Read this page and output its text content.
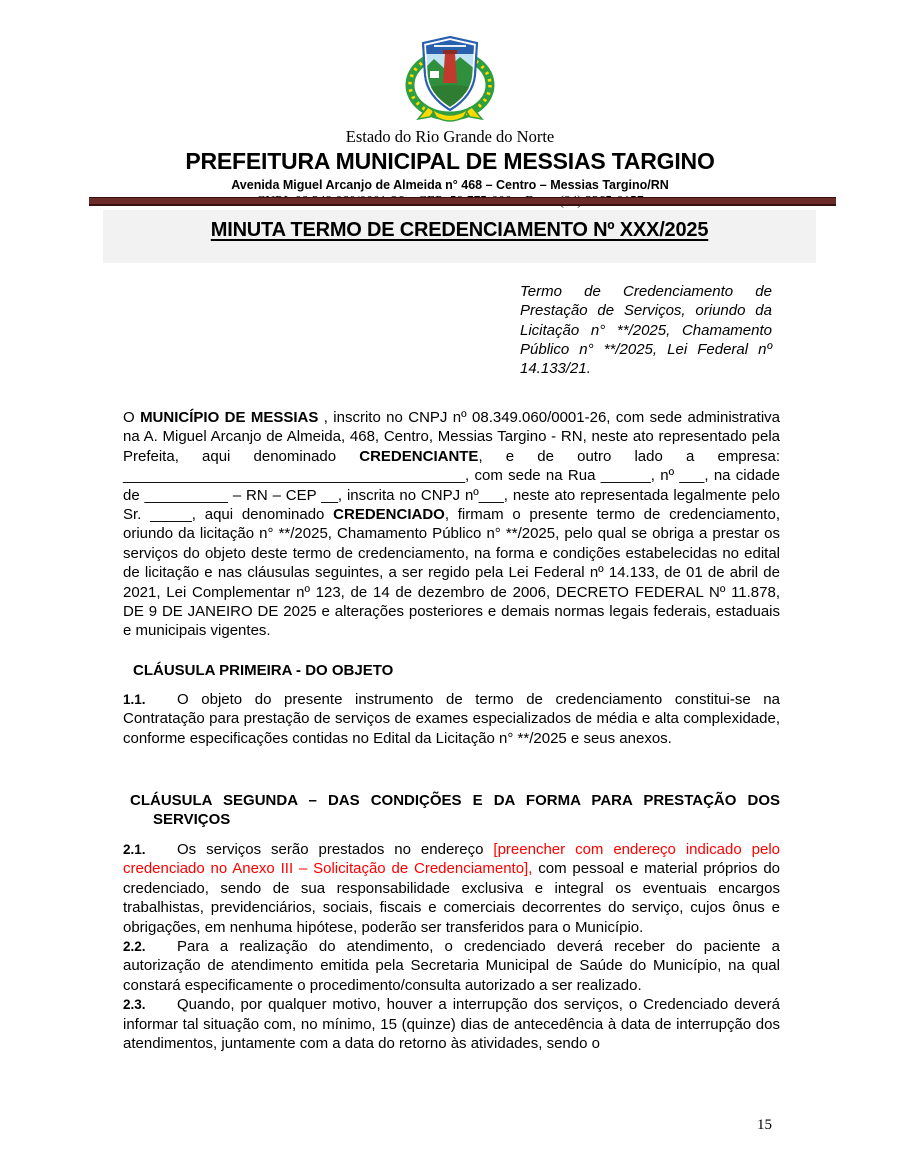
Estado do Rio Grande do Norte
PREFEITURA MUNICIPAL DE MESSIAS TARGINO
Avenida Miguel Arcanjo de Almeida n° 468 – Centro – Messias Targino/RN
MINUTA TERMO DE CREDENCIAMENTO Nº XXX/2025

Termo de Credenciamento de Prestação de Serviços, oriundo da Licitação n° **/2025, Chamamento Público n° **/2025, Lei Federal nº 14.133/21.

O MUNICÍPIO DE MESSIAS , inscrito no CNPJ nº 08.349.060/0001-26, com sede administrativa na A. Miguel Arcanjo de Almeida, 468, Centro, Messias Targino - RN, neste ato representado pela Prefeita, aqui denominado CREDENCIANTE, e de outro lado a empresa: _________________________________________, com sede na Rua ______, nº ___, na cidade de __________ – RN – CEP __, inscrita no CNPJ nº___, neste ato representada legalmente pelo Sr. _____, aqui denominado CREDENCIADO, firmam o presente termo de credenciamento, oriundo da licitação n° **/2025, Chamamento Público n° **/2025, pelo qual se obriga a prestar os serviços do objeto deste termo de credenciamento, na forma e condições estabelecidas no edital de licitação e nas cláusulas seguintes, a ser regido pela Lei Federal nº 14.133, de 01 de abril de 2021, Lei Complementar nº 123, de 14 de dezembro de 2006, DECRETO FEDERAL Nº 11.878, DE 9 DE JANEIRO DE 2025 e alterações posteriores e demais normas legais federais, estaduais e municipais vigentes.

CLÁUSULA PRIMEIRA - DO OBJETO

1.1. O objeto do presente instrumento de termo de credenciamento constitui-se na Contratação para prestação de serviços de exames especializados de média e alta complexidade, conforme especificações contidas no Edital da Licitação n° **/2025 e seus anexos.

CLÁUSULA SEGUNDA – DAS CONDIÇÕES E DA FORMA PARA PRESTAÇÃO DOS SERVIÇOS

2.1. Os serviços serão prestados no endereço [preencher com endereço indicado pelo credenciado no Anexo III – Solicitação de Credenciamento], com pessoal e material próprios do credenciado, sendo de sua responsabilidade exclusiva e integral os eventuais encargos trabalhistas, previdenciários, sociais, fiscais e comerciais decorrentes do serviço, cujos ônus e obrigações, em nenhuma hipótese, poderão ser transferidos para o Município.

2.2. Para a realização do atendimento, o credenciado deverá receber do paciente a autorização de atendimento emitida pela Secretaria Municipal de Saúde do Município, na qual constará especificamente o procedimento/consulta autorizado a ser realizado.

2.3. Quando, por qualquer motivo, houver a interrupção dos serviços, o Credenciado deverá informar tal situação com, no mínimo, 15 (quinze) dias de antecedência à data de interrupção dos atendimentos, juntamente com a data do retorno às atividades, sendo o

15
